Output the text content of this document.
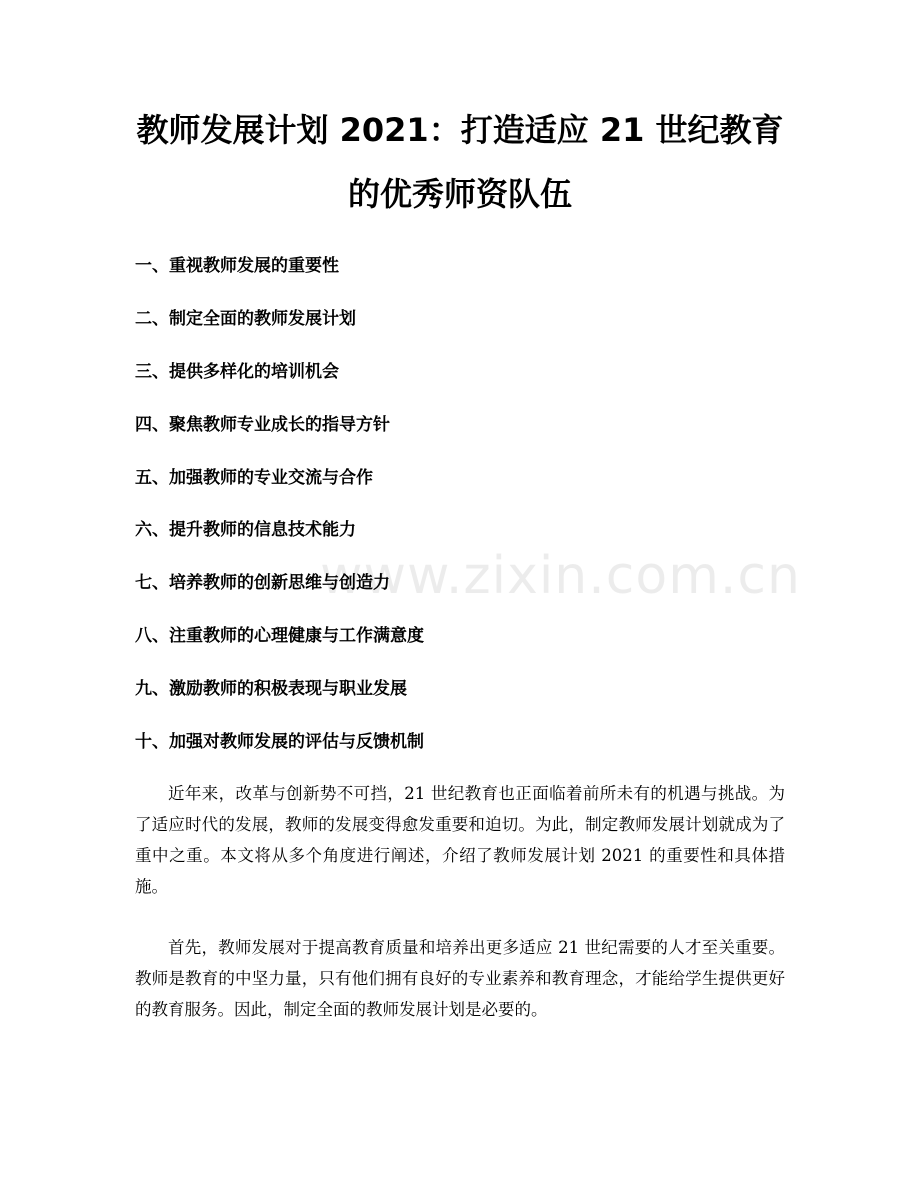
教师发展计划 2021：打造适应 21 世纪教育
的优秀师资队伍
一、重视教师发展的重要性
二、制定全面的教师发展计划
三、提供多样化的培训机会
四、聚焦教师专业成长的指导方针
五、加强教师的专业交流与合作
六、提升教师的信息技术能力
七、培养教师的创新思维与创造力
八、注重教师的心理健康与工作满意度
九、激励教师的积极表现与职业发展
十、加强对教师发展的评估与反馈机制
www.zixin.com.cn

近年来，改革与创新势不可挡，21 世纪教育也正面临着前所未有的机遇与挑战。为了适应时代的发展，教师的发展变得愈发重要和迫切。为此，制定教师发展计划就成为了重中之重。本文将从多个角度进行阐述，介绍了教师发展计划 2021 的重要性和具体措施。

首先，教师发展对于提高教育质量和培养出更多适应 21 世纪需要的人才至关重要。教师是教育的中坚力量，只有他们拥有良好的专业素养和教育理念，才能给学生提供更好的教育服务。因此，制定全面的教师发展计划是必要的。
